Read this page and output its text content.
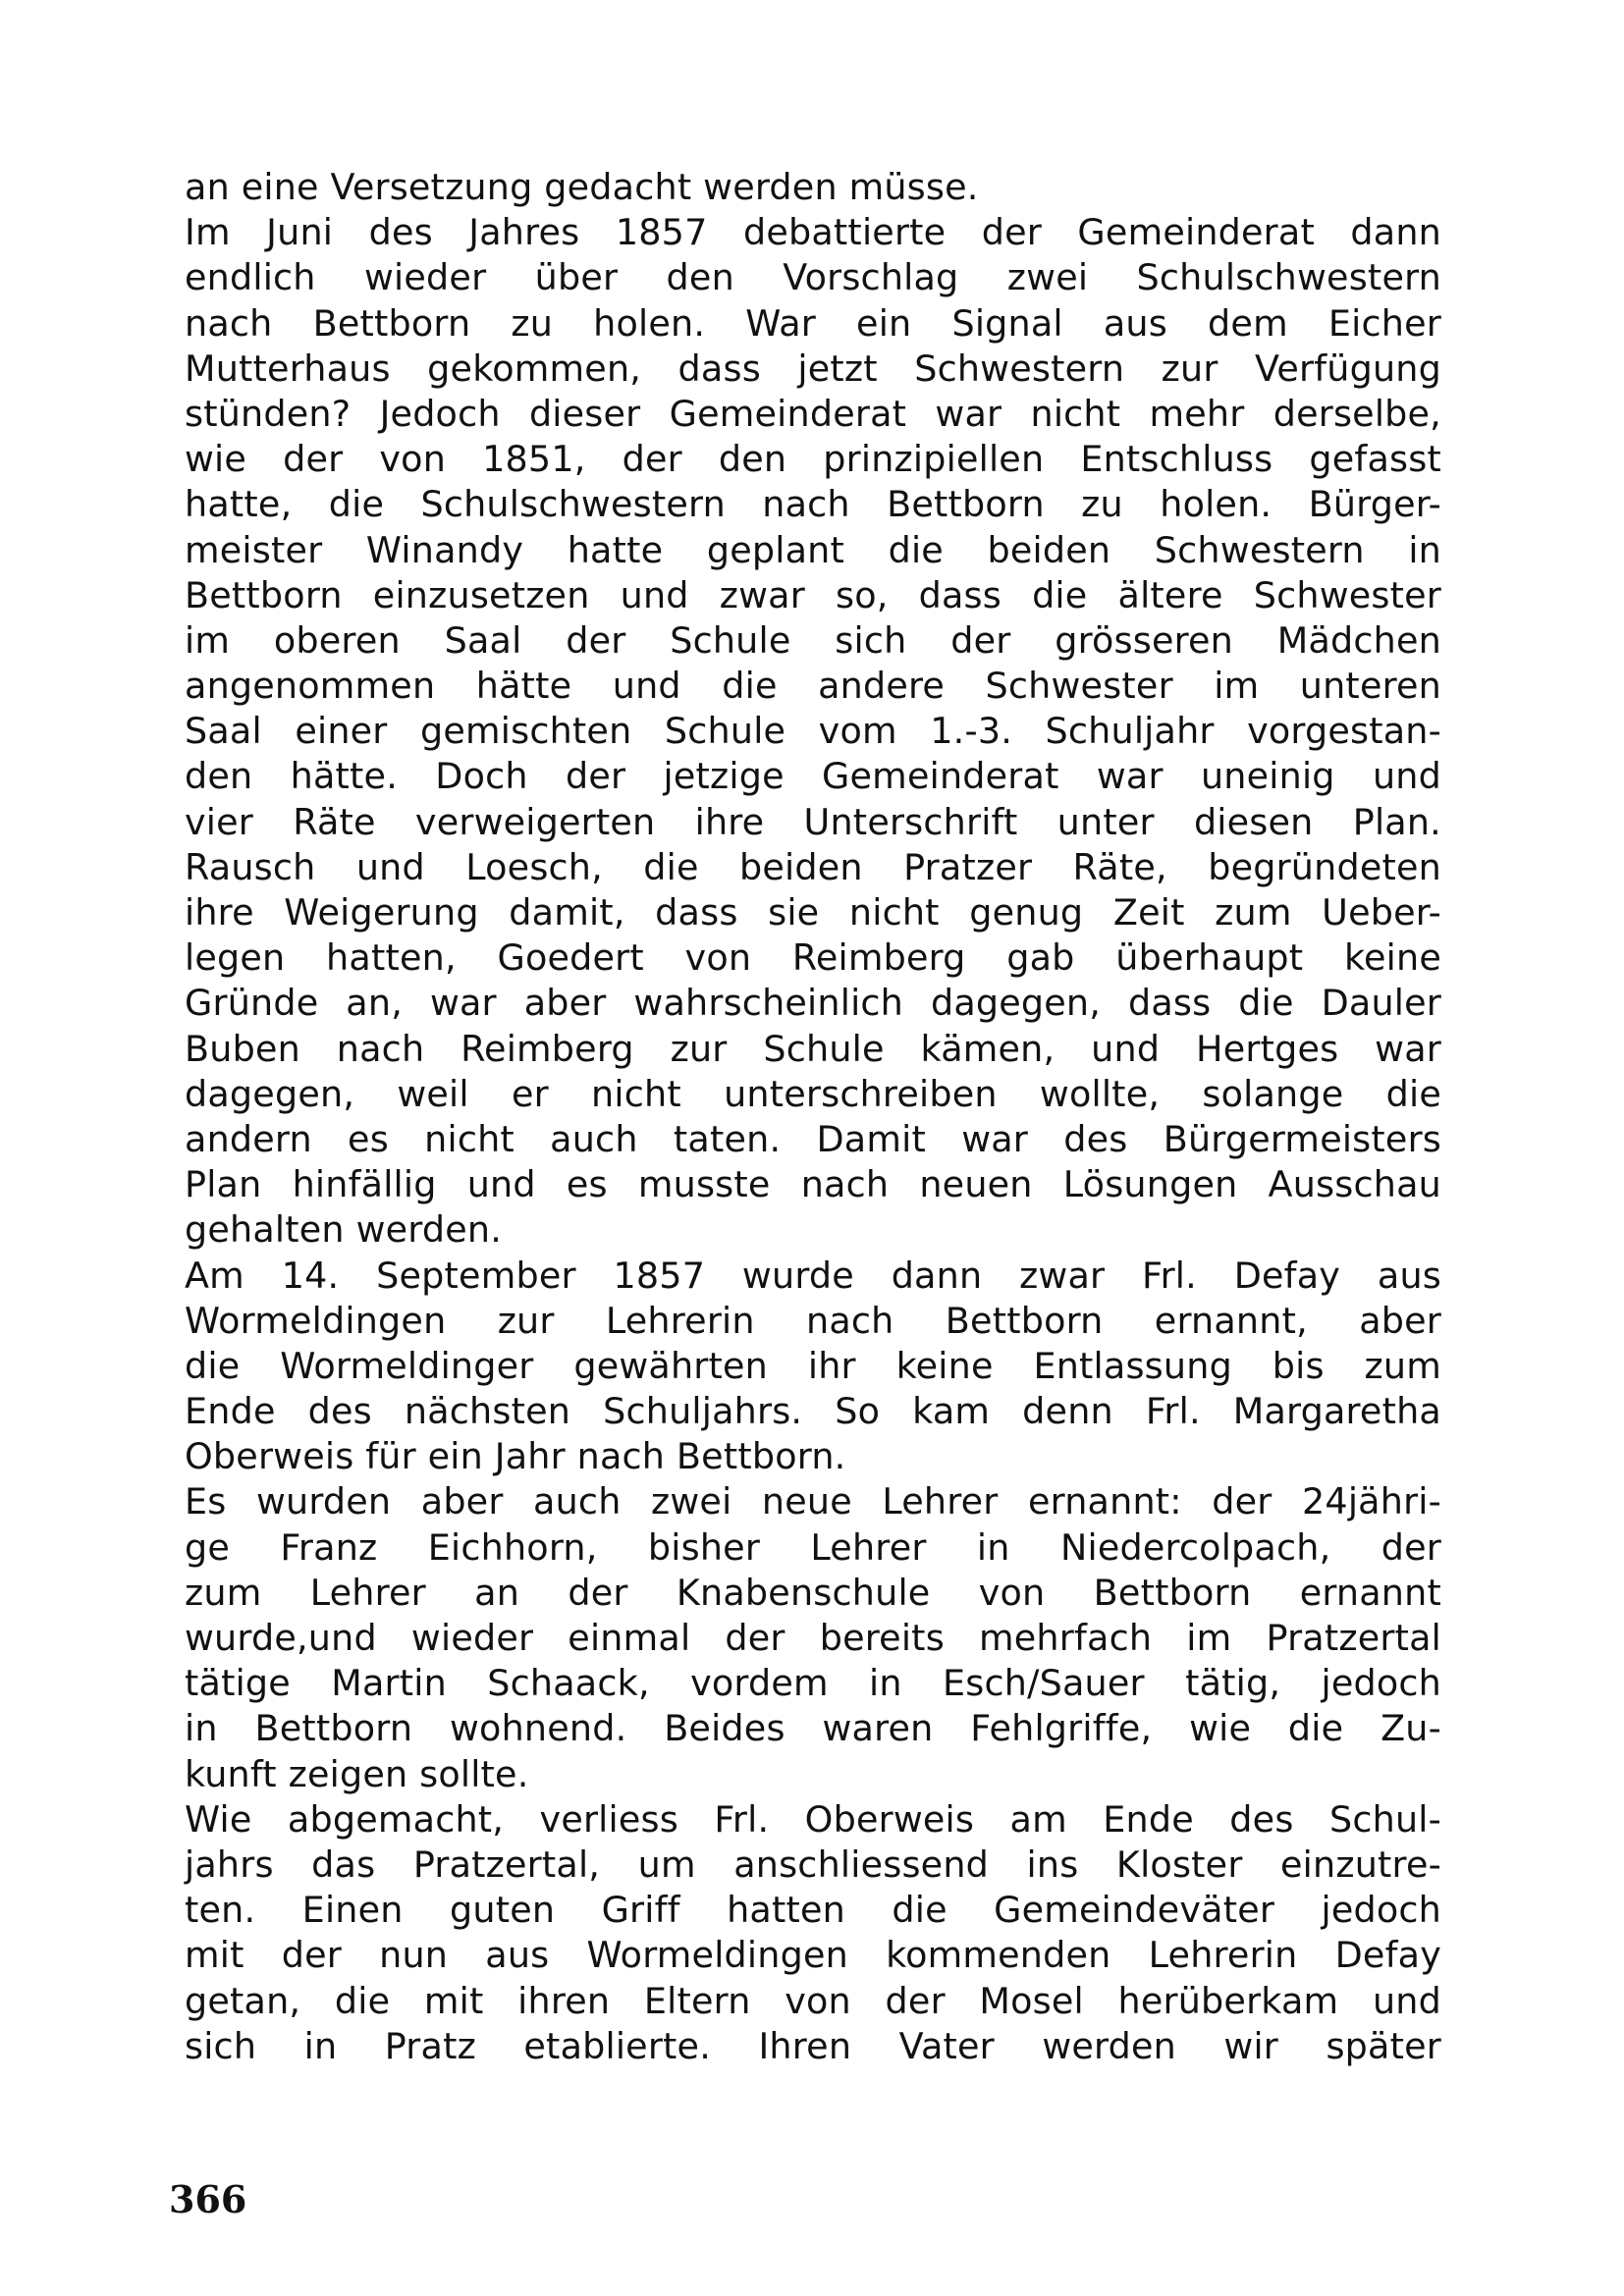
an eine Versetzung gedacht werden müsse.
Im Juni des Jahres 1857 debattierte der Gemeinderat dann
endlich wieder über den Vorschlag zwei Schulschwestern
nach Bettborn zu holen. War ein Signal aus dem Eicher
Mutterhaus gekommen, dass jetzt Schwestern zur Verfügung
stünden? Jedoch dieser Gemeinderat war nicht mehr derselbe,
wie der von 1851, der den prinzipiellen Entschluss gefasst
hatte, die Schulschwestern nach Bettborn zu holen. Bürger-
meister Winandy hatte geplant die beiden Schwestern in
Bettborn einzusetzen und zwar so, dass die ältere Schwester
im oberen Saal der Schule sich der grösseren Mädchen
angenommen hätte und die andere Schwester im unteren
Saal einer gemischten Schule vom 1.-3. Schuljahr vorgestan-
den hätte. Doch der jetzige Gemeinderat war uneinig und
vier Räte verweigerten ihre Unterschrift unter diesen Plan.
Rausch und Loesch, die beiden Pratzer Räte, begründeten
ihre Weigerung damit, dass sie nicht genug Zeit zum Ueber-
legen hatten, Goedert von Reimberg gab überhaupt keine
Gründe an, war aber wahrscheinlich dagegen, dass die Dauler
Buben nach Reimberg zur Schule kämen, und Hertges war
dagegen, weil er nicht unterschreiben wollte, solange die
andern es nicht auch taten. Damit war des Bürgermeisters
Plan hinfällig und es musste nach neuen Lösungen Ausschau
gehalten werden.
Am 14. September 1857 wurde dann zwar Frl. Defay aus
Wormeldingen zur Lehrerin nach Bettborn ernannt, aber
die Wormeldinger gewährten ihr keine Entlassung bis zum
Ende des nächsten Schuljahrs. So kam denn Frl. Margaretha
Oberweis für ein Jahr nach Bettborn.
Es wurden aber auch zwei neue Lehrer ernannt: der 24jähri-
ge Franz Eichhorn, bisher Lehrer in Niedercolpach, der
zum Lehrer an der Knabenschule von Bettborn ernannt
wurde,und wieder einmal der bereits mehrfach im Pratzertal
tätige Martin Schaack, vordem in Esch/Sauer tätig, jedoch
in Bettborn wohnend. Beides waren Fehlgriffe, wie die Zu-
kunft zeigen sollte.
Wie abgemacht, verliess Frl. Oberweis am Ende des Schul-
jahrs das Pratzertal, um anschliessend ins Kloster einzutre-
ten. Einen guten Griff hatten die Gemeindeväter jedoch
mit der nun aus Wormeldingen kommenden Lehrerin Defay
getan, die mit ihren Eltern von der Mosel herüberkam und
sich in Pratz etablierte. Ihren Vater werden wir später
366
